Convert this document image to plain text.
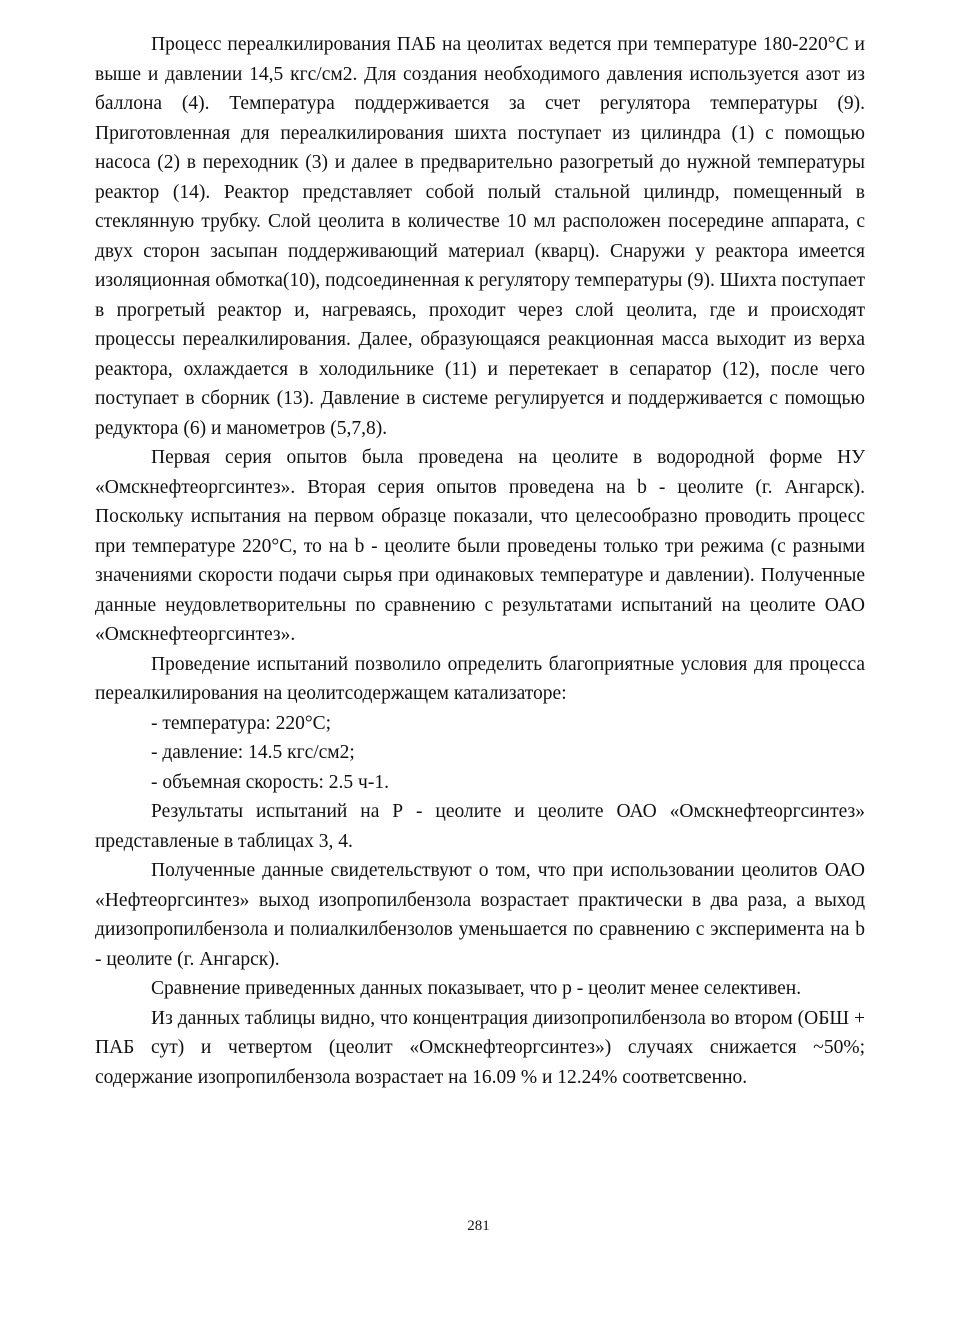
Процесс переалкилирования ПАБ на цеолитах ведется при температуре 180-220°С и выше и давлении 14,5 кгс/см2. Для создания необходимого давления используется азот из баллона (4). Температура поддерживается за счет регулятора температуры (9). Приготовленная для переалкилирования шихта поступает из цилиндра (1) с помощью насоса (2) в переходник (3) и далее в предварительно разогретый до нужной температуры реактор (14). Реактор представляет собой полый стальной цилиндр, помещенный в стеклянную трубку. Слой цеолита в количестве 10 мл расположен посередине аппарата, с двух сторон засыпан поддерживающий материал (кварц). Снаружи у реактора имеется изоляционная обмотка(10), подсоединенная к регулятору температуры (9). Шихта поступает в прогретый реактор и, нагреваясь, проходит через слой цеолита, где и происходят процессы переалкилирования. Далее, образующаяся реакционная масса выходит из верха реактора, охлаждается в холодильнике (11) и перетекает в сепаратор (12), после чего поступает в сборник (13). Давление в системе регулируется и поддерживается с помощью редуктора (6) и манометров (5,7,8).

Первая серия опытов была проведена на цеолите в водородной форме НУ «Омскнефтеоргсинтез». Вторая серия опытов проведена на b - цеолите (г. Ангарск). Поскольку испытания на первом образце показали, что целесообразно проводить процесс при температуре 220°С, то на b - цеолите были проведены только три режима (с разными значениями скорости подачи сырья при одинаковых температуре и давлении). Полученные данные неудовлетворительны по сравнению с результатами испытаний на цеолите ОАО «Омскнефтеоргсинтез».

Проведение испытаний позволило определить благоприятные условия для процесса переалкилирования на цеолитсодержащем катализаторе:

- температура: 220°С;

- давление: 14.5 кгс/см2;

- объемная скорость: 2.5 ч-1.

Результаты испытаний на Р - цеолите и цеолите ОАО «Омскнефтеоргсинтез» представленые в таблицах 3, 4.

Полученные данные свидетельствуют о том, что при использовании цеолитов ОАО «Нефтеоргсинтез» выход изопропилбензола возрастает практически в два раза, а выход диизопропилбензола и полиалкилбензолов уменьшается по сравнению с эксперимента на b - цеолите (г. Ангарск).

Сравнение приведенных данных показывает, что р - цеолит менее селективен.

Из данных таблицы видно, что концентрация диизопропилбензола во втором (ОБШ + ПАБ сут) и четвертом (цеолит «Омскнефтеоргсинтез») случаях снижается ~50%; содержание изопропилбензола возрастает на 16.09 % и 12.24% соответсвенно.

281
